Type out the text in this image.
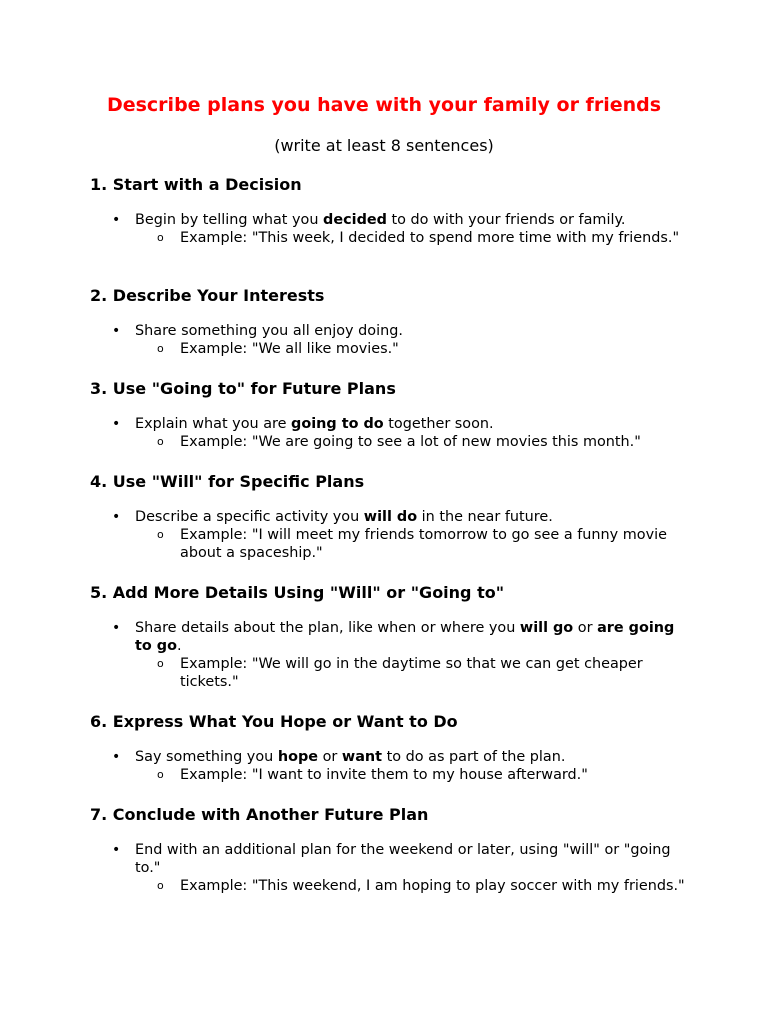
Describe plans you have with your family or friends

(write at least 8 sentences)

1. Start with a Decision
• Begin by telling what you decided to do with your friends or family.
o Example: "This week, I decided to spend more time with my friends."
2. Describe Your Interests
• Share something you all enjoy doing.
o Example: "We all like movies."
3. Use "Going to" for Future Plans
• Explain what you are going to do together soon.
o Example: "We are going to see a lot of new movies this month."
4. Use "Will" for Specific Plans
• Describe a specific activity you will do in the near future.
o Example: "I will meet my friends tomorrow to go see a funny movie about a spaceship."
5. Add More Details Using "Will" or "Going to"
• Share details about the plan, like when or where you will go or are going to go.
o Example: "We will go in the daytime so that we can get cheaper tickets."
6. Express What You Hope or Want to Do
• Say something you hope or want to do as part of the plan.
o Example: "I want to invite them to my house afterward."
7. Conclude with Another Future Plan
• End with an additional plan for the weekend or later, using "will" or "going to."
o Example: "This weekend, I am hoping to play soccer with my friends."
